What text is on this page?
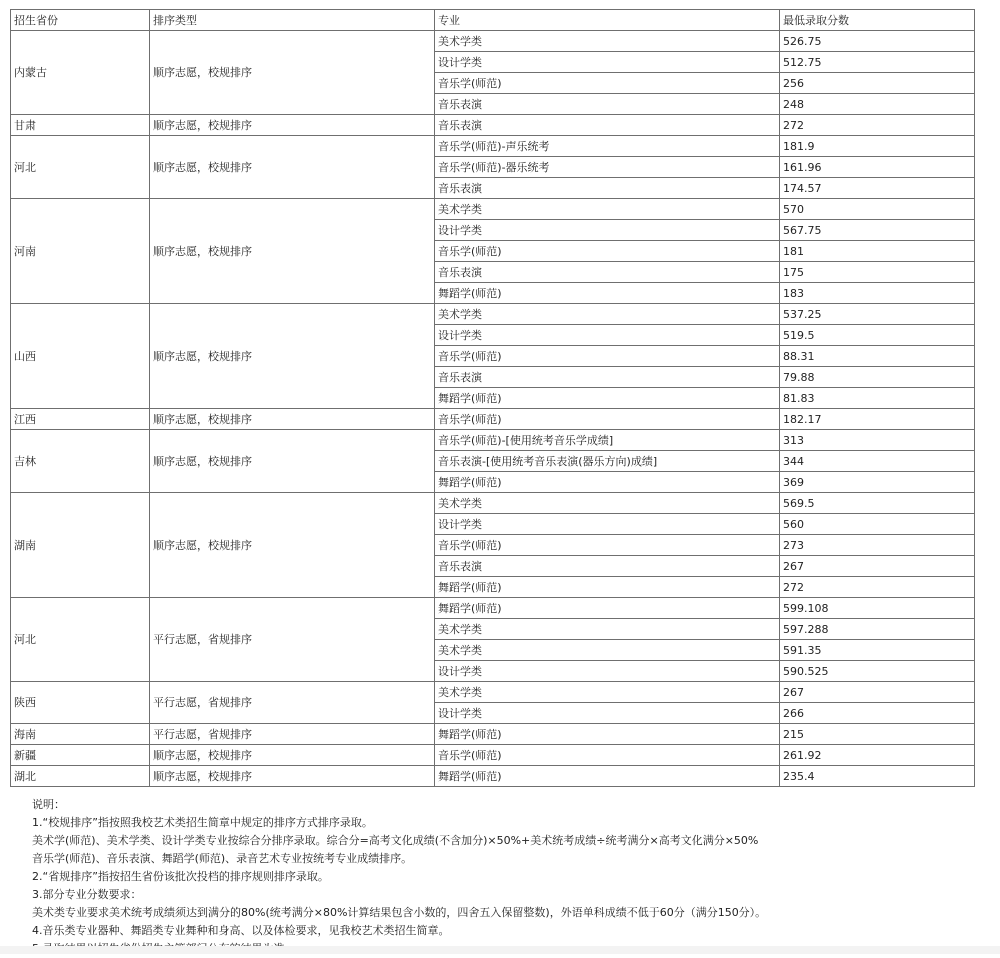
招生省份	排序类型	专业	最低录取分数
内蒙古	顺序志愿，校规排序	美术学类	526.75
		设计学类	512.75
		音乐学(师范)	256
		音乐表演	248
甘肃	顺序志愿，校规排序	音乐表演	272
河北	顺序志愿，校规排序	音乐学(师范)-声乐统考	181.9
		音乐学(师范)-器乐统考	161.96
		音乐表演	174.57
河南	顺序志愿，校规排序	美术学类	570
		设计学类	567.75
		音乐学(师范)	181
		音乐表演	175
		舞蹈学(师范)	183
山西	顺序志愿，校规排序	美术学类	537.25
		设计学类	519.5
		音乐学(师范)	88.31
		音乐表演	79.88
		舞蹈学(师范)	81.83
江西	顺序志愿，校规排序	音乐学(师范)	182.17
吉林	顺序志愿，校规排序	音乐学(师范)-[使用统考音乐学成绩]	313
		音乐表演-[使用统考音乐表演(器乐方向)成绩]	344
		舞蹈学(师范)	369
湖南	顺序志愿，校规排序	美术学类	569.5
		设计学类	560
		音乐学(师范)	273
		音乐表演	267
		舞蹈学(师范)	272
河北	平行志愿，省规排序	舞蹈学(师范)	599.108
		美术学类	597.288
		美术学类	591.35
		设计学类	590.525
陕西	平行志愿，省规排序	美术学类	267
		设计学类	266
海南	平行志愿，省规排序	舞蹈学(师范)	215
新疆	顺序志愿，校规排序	音乐学(师范)	261.92
湖北	顺序志愿，校规排序	舞蹈学(师范)	235.4

说明：

1.“校规排序”指按照我校艺术类招生简章中规定的排序方式排序录取。

美术学(师范)、美术学类、设计学类专业按综合分排序录取。综合分=高考文化成绩(不含加分)×50%+美术统考成绩÷统考满分×高考文化满分×50%

音乐学(师范)、音乐表演、舞蹈学(师范)、录音艺术专业按统考专业成绩排序。

2.“省规排序”指按招生省份该批次投档的排序规则排序录取。

3.部分专业分数要求：

美术类专业要求美术统考成绩须达到满分的80%(统考满分×80%计算结果包含小数的，四舍五入保留整数)，外语单科成绩不低于60分（满分150分）。

4.音乐类专业器种、舞蹈类专业舞种和身高、以及体检要求，见我校艺术类招生简章。
